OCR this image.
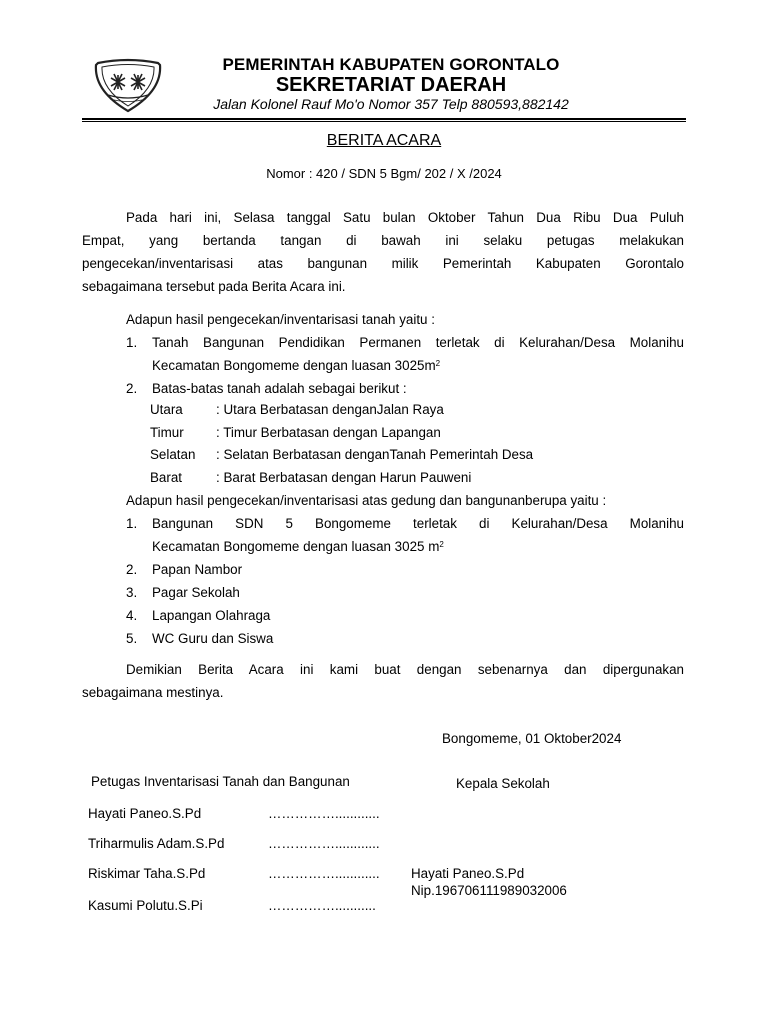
PEMERINTAH KABUPATEN GORONTALO
SEKRETARIAT DAERAH
Jalan Kolonel Rauf Mo'o Nomor 357 Telp 880593,882142
BERITA ACARA
Nomor : 420 / SDN 5 Bgm/ 202 / X /2024
Pada hari ini, Selasa tanggal Satu bulan Oktober Tahun Dua Ribu Dua Puluh
Empat, yang bertanda tangan di bawah ini selaku petugas melakukan
pengecekan/inventarisasi atas bangunan milik Pemerintah Kabupaten Gorontalo
sebagaimana tersebut pada Berita Acara ini.
Adapun hasil pengecekan/inventarisasi tanah yaitu :
1.	Tanah Bangunan Pendidikan Permanen terletak di Kelurahan/Desa Molanihu
Kecamatan Bongomeme dengan luasan $3025m^2$
2.	Batas-batas tanah adalah sebagai berikut :
Utara	: Utara Berbatasan denganJalan Raya
Timur	: Timur Berbatasan dengan Lapangan
Selatan	: Selatan Berbatasan denganTanah Pemerintah Desa
Barat	: Barat Berbatasan dengan Harun Pauweni
Adapun hasil pengecekan/inventarisasi atas gedung dan bangunanberupa yaitu :
1.	Bangunan SDN 5 Bongomeme terletak di Kelurahan/Desa Molanihu
Kecamatan Bongomeme dengan luasan 3025 $m^2$
2.	Papan Nambor
3.	Pagar Sekolah
4.	Lapangan Olahraga
5.	WC Guru dan Siswa
Demikian Berita Acara ini kami buat dengan sebenarnya dan dipergunakan
sebagaimana mestinya.
Bongomeme, 01 Oktober2024
Petugas Inventarisasi Tanah dan Bangunan	Kepala Sekolah
Hayati Paneo.S.Pd	……………............
Triharmulis Adam.S.Pd	……………............
Riskimar Taha.S.Pd	……………............
Kasumi Polutu.S.Pi	……………...........
Hayati Paneo.S.Pd
Nip.196706111989032006
